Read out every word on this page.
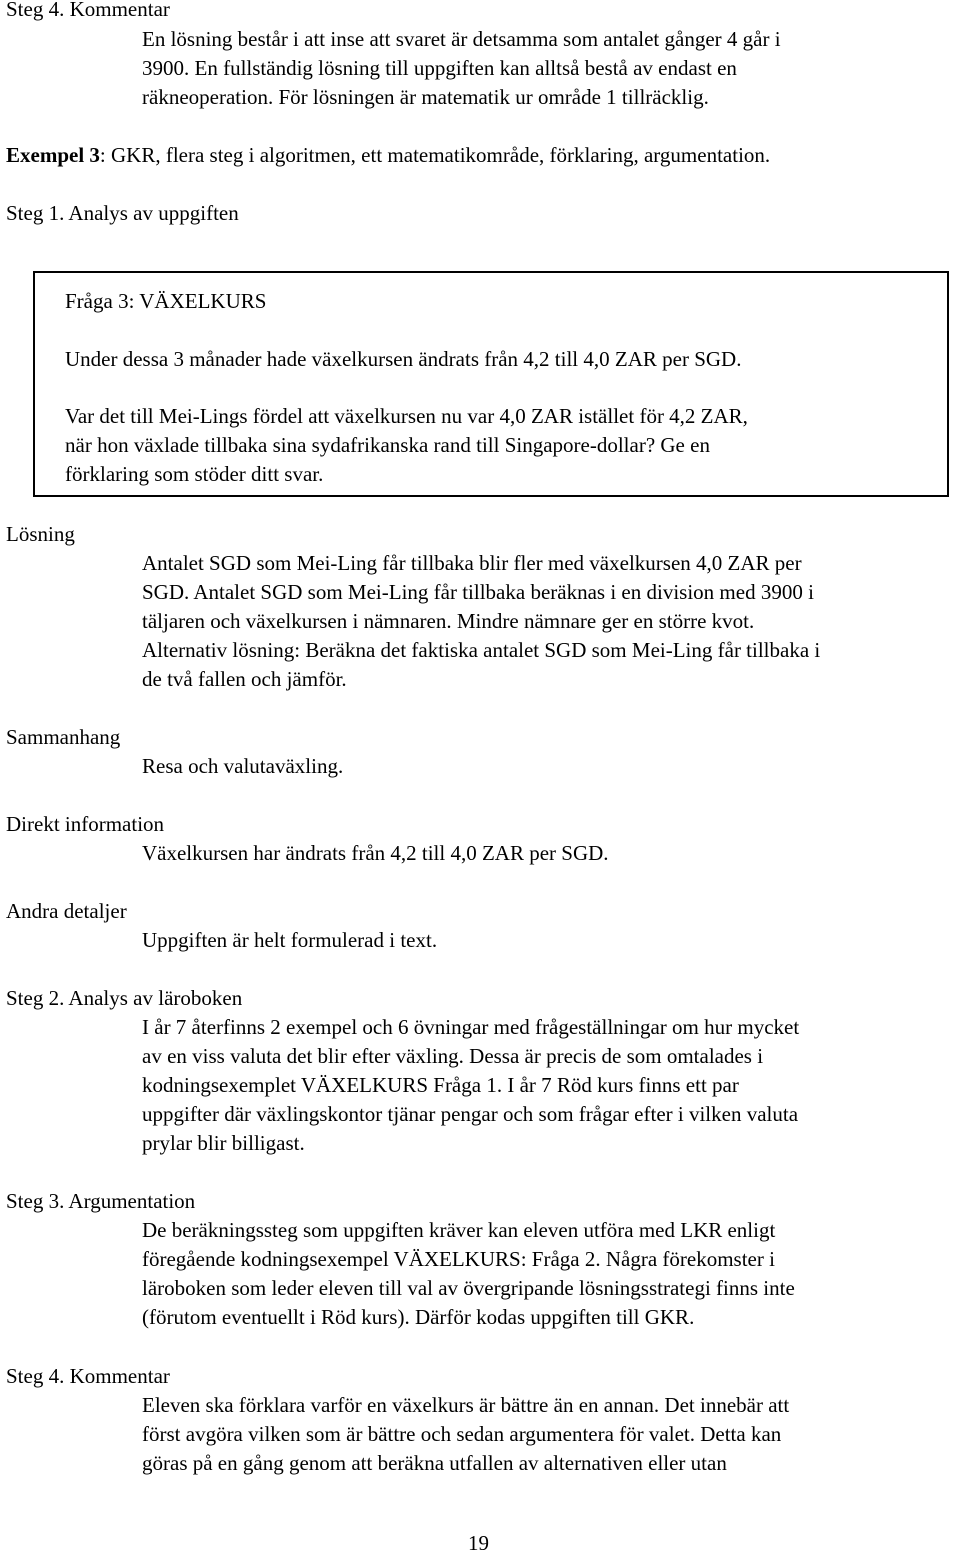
Steg 4. Kommentar
En lösning består i att inse att svaret är detsamma som antalet gånger 4 går i
3900. En fullständig lösning till uppgiften kan alltså bestå av endast en
räkneoperation. För lösningen är matematik ur område 1 tillräcklig.
Exempel 3: GKR, flera steg i algoritmen, ett matematikområde, förklaring, argumentation.
Steg 1. Analys av uppgiften
Fråga 3: VÄXELKURS
Under dessa 3 månader hade växelkursen ändrats från 4,2 till 4,0 ZAR per SGD.
Var det till Mei-Lings fördel att växelkursen nu var 4,0 ZAR istället för 4,2 ZAR,
när hon växlade tillbaka sina sydafrikanska rand till Singapore-dollar? Ge en
förklaring som stöder ditt svar.
Lösning
Antalet SGD som Mei-Ling får tillbaka blir fler med växelkursen 4,0 ZAR per
SGD. Antalet SGD som Mei-Ling får tillbaka beräknas i en division med 3900 i
täljaren och växelkursen i nämnaren. Mindre nämnare ger en större kvot.
Alternativ lösning: Beräkna det faktiska antalet SGD som Mei-Ling får tillbaka i
de två fallen och jämför.
Sammanhang
Resa och valutaväxling.
Direkt information
Växelkursen har ändrats från 4,2 till 4,0 ZAR per SGD.
Andra detaljer
Uppgiften är helt formulerad i text.
Steg 2. Analys av läroboken
I år 7 återfinns 2 exempel och 6 övningar med frågeställningar om hur mycket
av en viss valuta det blir efter växling. Dessa är precis de som omtalades i
kodningsexemplet VÄXELKURS Fråga 1. I år 7 Röd kurs finns ett par
uppgifter där växlingskontor tjänar pengar och som frågar efter i vilken valuta
prylar blir billigast.
Steg 3. Argumentation
De beräkningssteg som uppgiften kräver kan eleven utföra med LKR enligt
föregående kodningsexempel VÄXELKURS: Fråga 2. Några förekomster i
läroboken som leder eleven till val av övergripande lösningsstrategi finns inte
(förutom eventuellt i Röd kurs). Därför kodas uppgiften till GKR.
Steg 4. Kommentar
Eleven ska förklara varför en växelkurs är bättre än en annan. Det innebär att
först avgöra vilken som är bättre och sedan argumentera för valet. Detta kan
göras på en gång genom att beräkna utfallen av alternativen eller utan
19
